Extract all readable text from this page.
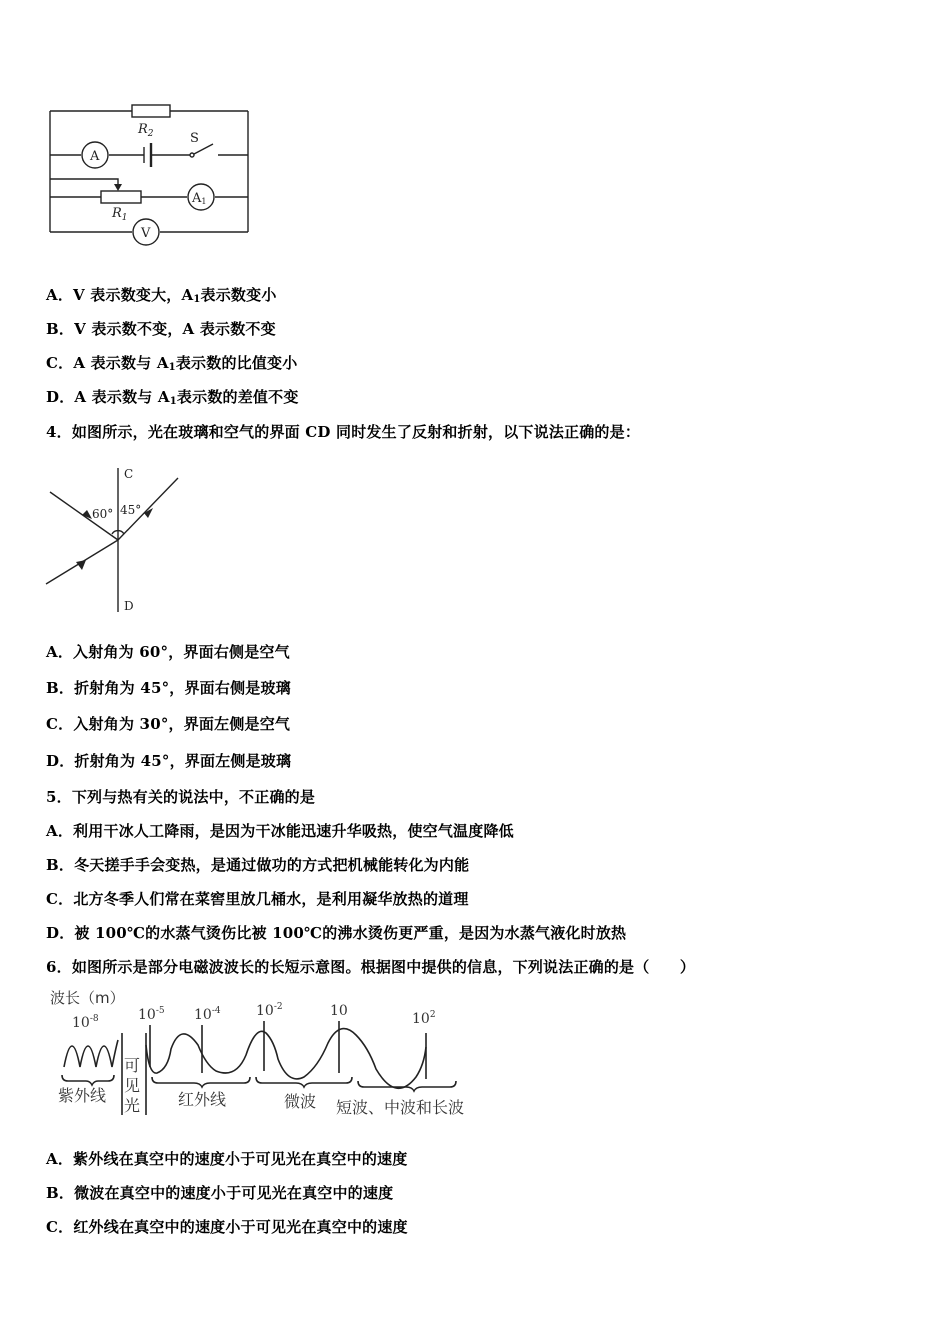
$R_2$	S
A
$R_1$
A1
V
A．V 表示数变大，$A_1$表示数变小
B．V 表示数不变，A 表示数不变
C．A 表示数与 $A_1$表示数的比值变小
D．A 表示数与 $A_1$表示数的差值不变
4．如图所示，光在玻璃和空气的界面 CD 同时发生了反射和折射，以下说法正确的是：
C
D
60° 45°
A．入射角为 60°，界面右侧是空气
B．折射角为 45°，界面右侧是玻璃
C．入射角为 30°，界面左侧是空气
D．折射角为 45°，界面左侧是玻璃
5．下列与热有关的说法中，不正确的是
A．利用干冰人工降雨，是因为干冰能迅速升华吸热，使空气温度降低
B．冬天搓手手会变热，是通过做功的方式把机械能转化为内能
C．北方冬季人们常在菜窖里放几桶水，是利用凝华放热的道理
D．被 100℃的水蒸气烫伤比被 100℃的沸水烫伤更严重，是因为水蒸气液化时放热
6．如图所示是部分电磁波波长的长短示意图。根据图中提供的信息，下列说法正确的是（　　）
波长（m）
$10^{-8}$	$10^{-5}$ $10^{-4}$	$10^{-2}$	10	$10^2$
紫外线
可
见
光 红外线	微波 短波、中波和长波
A．紫外线在真空中的速度小于可见光在真空中的速度
B．微波在真空中的速度小于可见光在真空中的速度
C．红外线在真空中的速度小于可见光在真空中的速度
